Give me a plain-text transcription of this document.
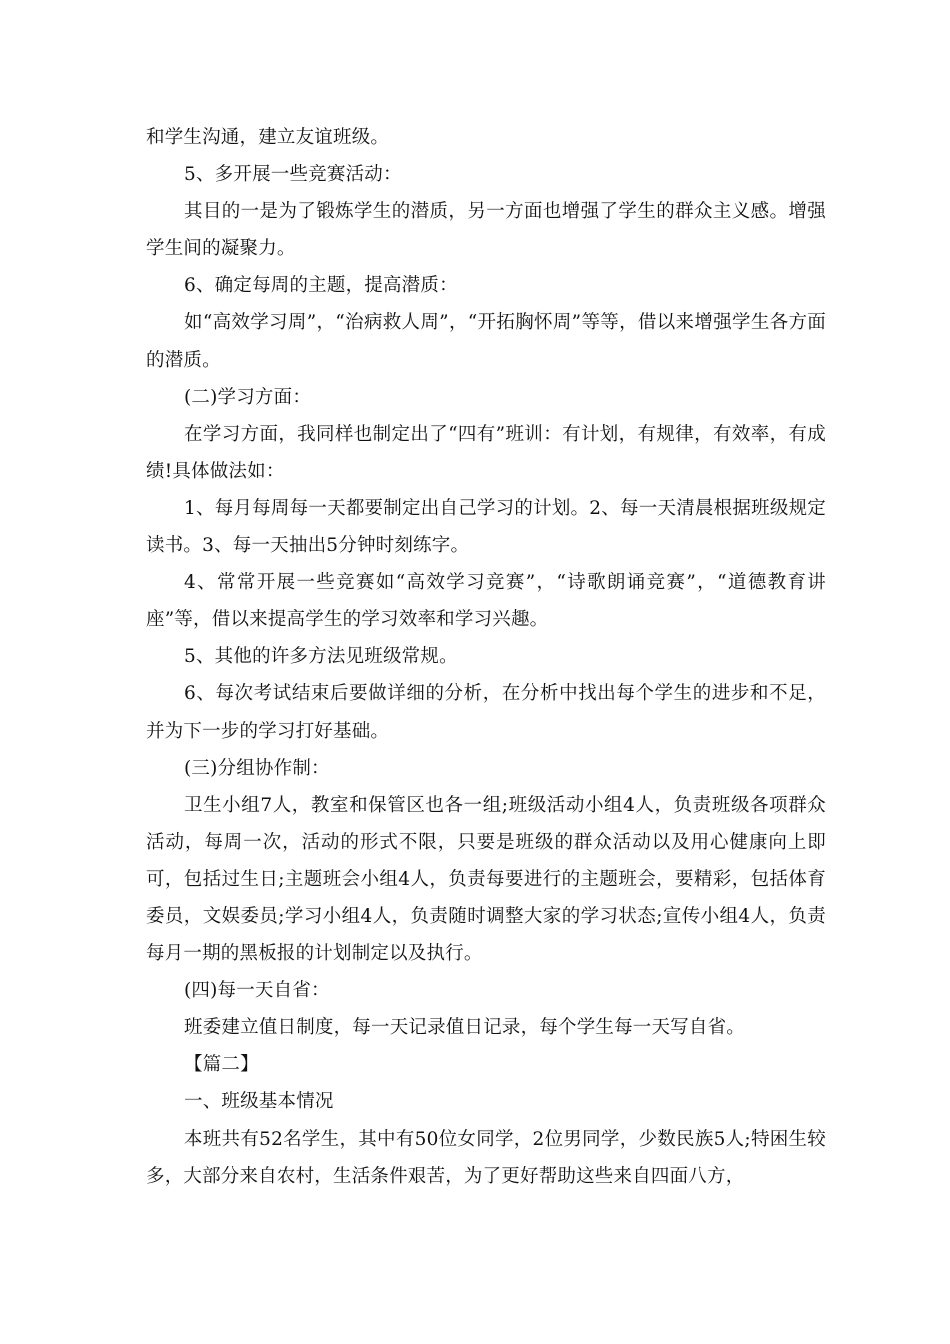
和学生沟通，建立友谊班级。

5、多开展一些竞赛活动：

其目的一是为了锻炼学生的潜质，另一方面也增强了学生的群众主义感。增强学生间的凝聚力。

6、确定每周的主题，提高潜质：

如“高效学习周”，“治病救人周”，“开拓胸怀周”等等，借以来增强学生各方面的潜质。

(二)学习方面：

在学习方面，我同样也制定出了“四有”班训：有计划，有规律，有效率，有成绩!具体做法如：

1、每月每周每一天都要制定出自己学习的计划。2、每一天清晨根据班级规定读书。3、每一天抽出5分钟时刻练字。

4、常常开展一些竞赛如“高效学习竞赛”，“诗歌朗诵竞赛”，“道德教育讲座”等，借以来提高学生的学习效率和学习兴趣。

5、其他的许多方法见班级常规。

6、每次考试结束后要做详细的分析，在分析中找出每个学生的进步和不足，并为下一步的学习打好基础。

(三)分组协作制：

卫生小组7人，教室和保管区也各一组;班级活动小组4人，负责班级各项群众活动，每周一次，活动的形式不限，只要是班级的群众活动以及用心健康向上即可，包括过生日;主题班会小组4人，负责每要进行的主题班会，要精彩，包括体育委员，文娱委员;学习小组4人，负责随时调整大家的学习状态;宣传小组4人，负责每月一期的黑板报的计划制定以及执行。

(四)每一天自省：

班委建立值日制度，每一天记录值日记录，每个学生每一天写自省。

【篇二】

一、班级基本情况

本班共有52名学生，其中有50位女同学，2位男同学，少数民族5人;特困生较多，大部分来自农村，生活条件艰苦，为了更好帮助这些来自四面八方，
